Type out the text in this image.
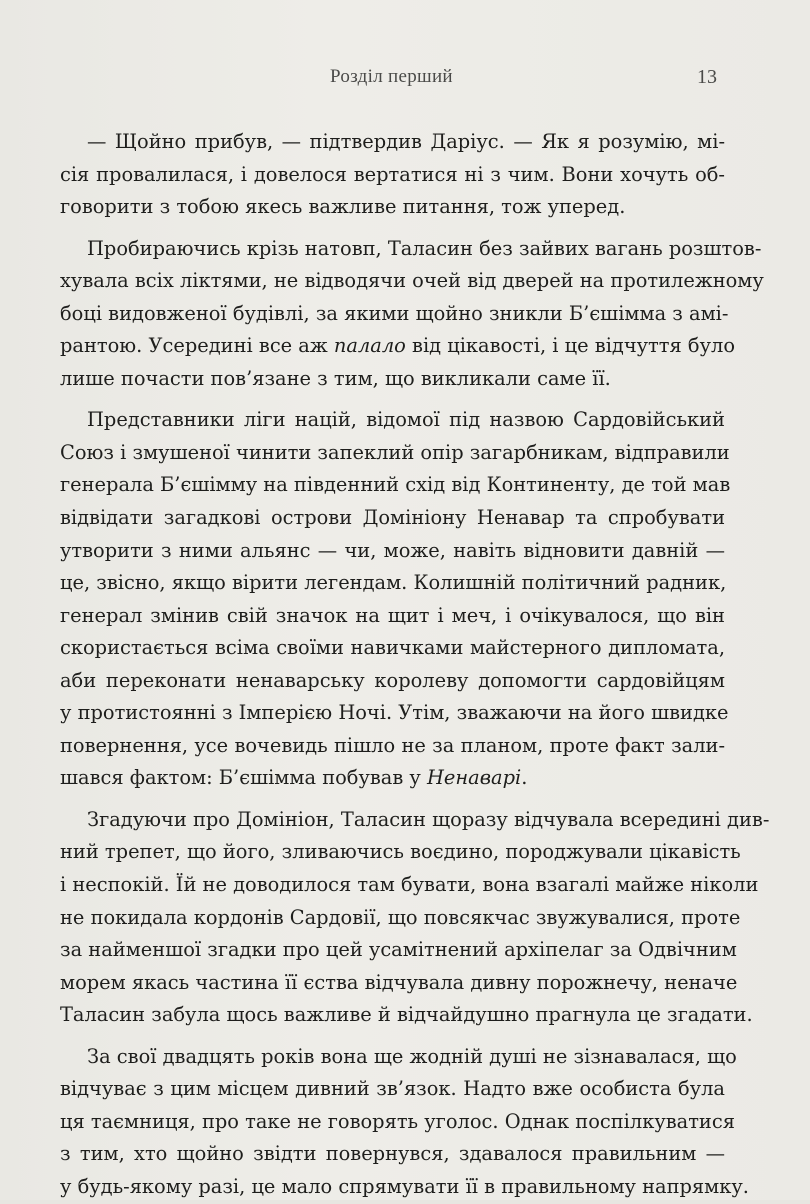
Розділ перший	13
— Щойно прибув, — підтвердив Даріус. — Як я розумію, мі-
сія провалилася, і довелося вертатися ні з чим. Вони хочуть об-
говорити з тобою якесь важливе питання, тож уперед.
Пробираючись крізь натовп, Таласин без зайвих вагань розштов-
хувала всіх ліктями, не відводячи очей від дверей на протилежному
боці видовженої будівлі, за якими щойно зникли Б’єшімма з амі-
рантою. Усередині все аж палало від цікавості, і це відчуття було
лише почасти пов’язане з тим, що викликали саме її.
Представники ліги націй, відомої під назвою Сардовійський
Союз і змушеної чинити запеклий опір загарбникам, відправили
генерала Б’єшімму на південний схід від Континенту, де той мав
відвідати загадкові острови Домініону Ненавар та спробувати
утворити з ними альянс — чи, може, навіть відновити давній —
це, звісно, якщо вірити легендам. Колишній політичний радник,
генерал змінив свій значок на щит і меч, і очікувалося, що він
скористається всіма своїми навичками майстерного дипломата,
аби переконати ненаварську королеву допомогти сардовійцям
у протистоянні з Імперією Ночі. Утім, зважаючи на його швидке
повернення, усе вочевидь пішло не за планом, проте факт зали-
шався фактом: Б’єшімма побував у Ненаварі.
Згадуючи про Домініон, Таласин щоразу відчувала всередині див-
ний трепет, що його, зливаючись воєдино, породжували цікавість
і неспокій. Їй не доводилося там бувати, вона взагалі майже ніколи
не покидала кордонів Сардовії, що повсякчас звужувалися, проте
за найменшої згадки про цей усамітнений архіпелаг за Одвічним
морем якась частина її єства відчувала дивну порожнечу, неначе
Таласин забула щось важливе й відчайдушно прагнула це згадати.
За свої двадцять років вона ще жодній душі не зізнавалася, що
відчуває з цим місцем дивний зв’язок. Надто вже особиста була
ця таємниця, про таке не говорять уголос. Однак поспілкуватися
з тим, хто щойно звідти повернувся, здавалося правильним —
у будь-якому разі, це мало спрямувати її в правильному напрямку.
